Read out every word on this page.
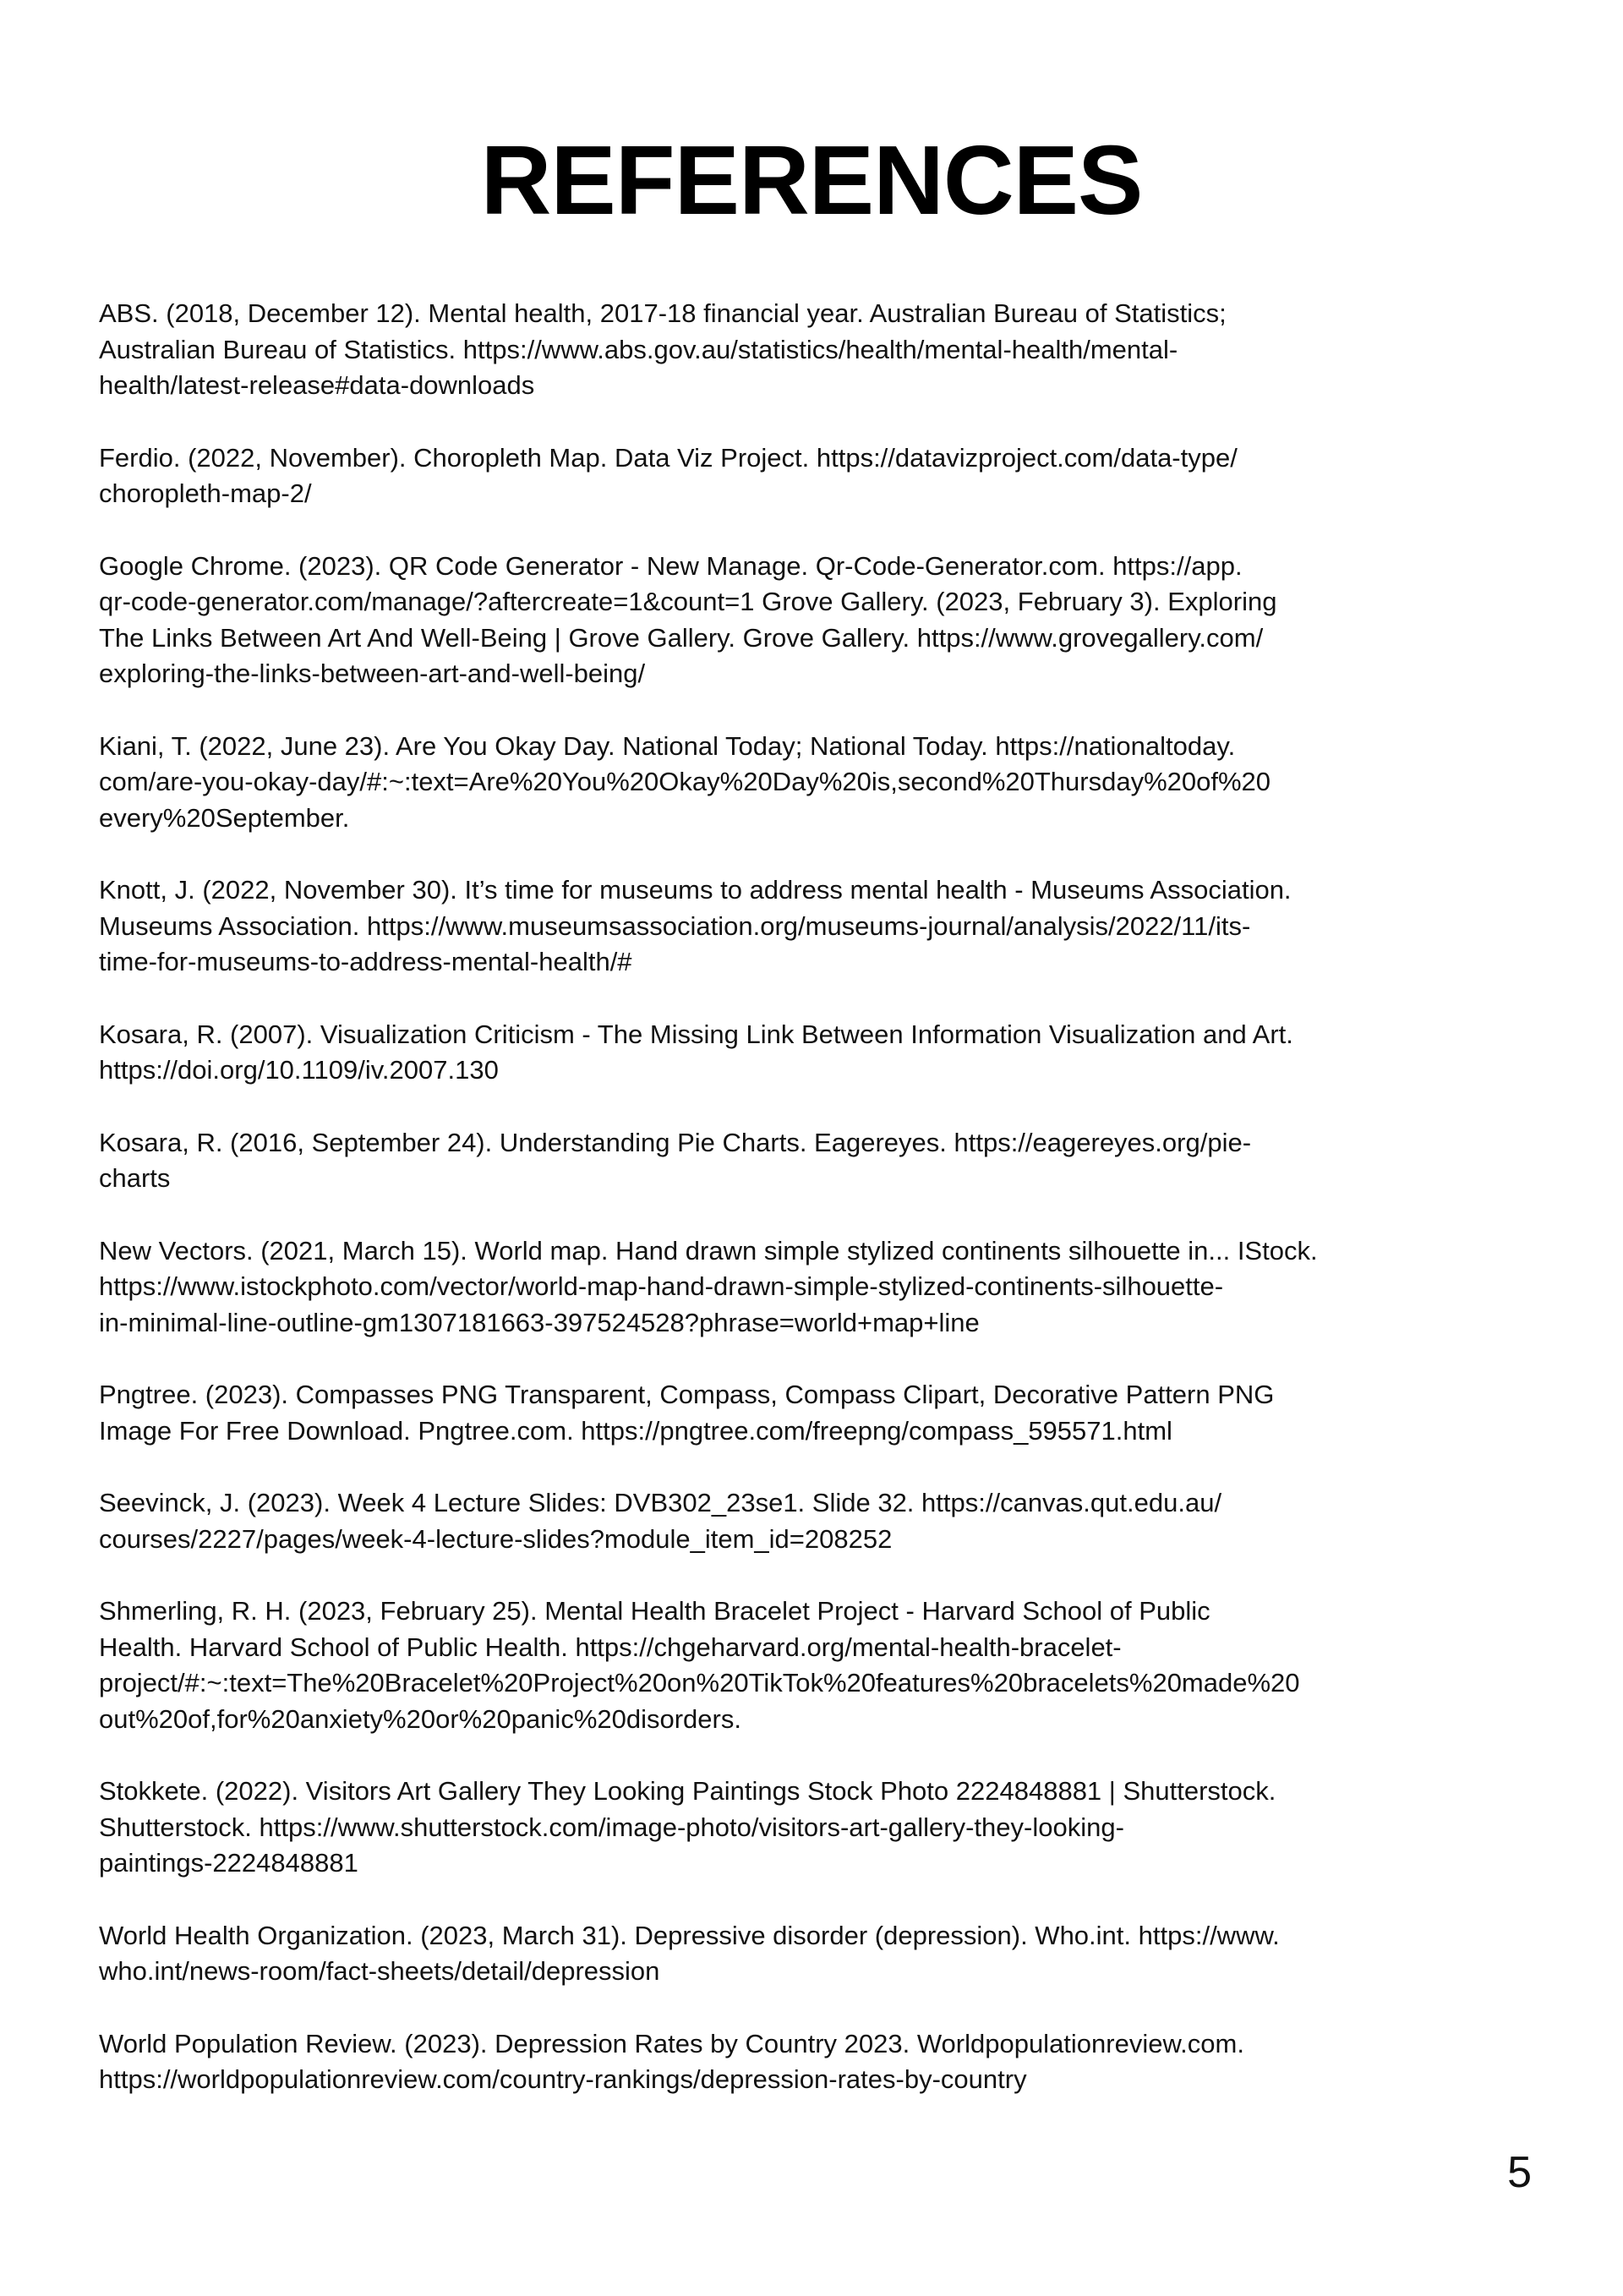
REFERENCES
ABS. (2018, December 12). Mental health, 2017-18 financial year. Australian Bureau of Statistics;
Australian Bureau of Statistics. https://www.abs.gov.au/statistics/health/mental-health/mental-
health/latest-release#data-downloads
Ferdio. (2022, November). Choropleth Map. Data Viz Project. https://datavizproject.com/data-type/
choropleth-map-2/
Google Chrome. (2023). QR Code Generator - New Manage. Qr-Code-Generator.com. https://app.
qr-code-generator.com/manage/?aftercreate=1&count=1 Grove Gallery. (2023, February 3). Exploring
The Links Between Art And Well-Being | Grove Gallery. Grove Gallery. https://www.grovegallery.com/
exploring-the-links-between-art-and-well-being/
Kiani, T. (2022, June 23). Are You Okay Day. National Today; National Today. https://nationaltoday.
com/are-you-okay-day/#:~:text=Are%20You%20Okay%20Day%20is,second%20Thursday%20of%20
every%20September.
Knott, J. (2022, November 30). It’s time for museums to address mental health - Museums Association.
Museums Association. https://www.museumsassociation.org/museums-journal/analysis/2022/11/its-
time-for-museums-to-address-mental-health/#
Kosara, R. (2007). Visualization Criticism - The Missing Link Between Information Visualization and Art.
https://doi.org/10.1109/iv.2007.130
Kosara, R. (2016, September 24). Understanding Pie Charts. Eagereyes. https://eagereyes.org/pie-
charts
New Vectors. (2021, March 15). World map. Hand drawn simple stylized continents silhouette in... IStock.
https://www.istockphoto.com/vector/world-map-hand-drawn-simple-stylized-continents-silhouette-
in-minimal-line-outline-gm1307181663-397524528?phrase=world+map+line
Pngtree. (2023). Compasses PNG Transparent, Compass, Compass Clipart, Decorative Pattern PNG
Image For Free Download. Pngtree.com. https://pngtree.com/freepng/compass_595571.html
Seevinck, J. (2023). Week 4 Lecture Slides: DVB302_23se1. Slide 32. https://canvas.qut.edu.au/
courses/2227/pages/week-4-lecture-slides?module_item_id=208252
Shmerling, R. H. (2023, February 25). Mental Health Bracelet Project - Harvard School of Public
Health. Harvard School of Public Health. https://chgeharvard.org/mental-health-bracelet-
project/#:~:text=The%20Bracelet%20Project%20on%20TikTok%20features%20bracelets%20made%20
out%20of,for%20anxiety%20or%20panic%20disorders.
Stokkete. (2022). Visitors Art Gallery They Looking Paintings Stock Photo 2224848881 | Shutterstock.
Shutterstock. https://www.shutterstock.com/image-photo/visitors-art-gallery-they-looking-
paintings-2224848881
World Health Organization. (2023, March 31). Depressive disorder (depression). Who.int. https://www.
who.int/news-room/fact-sheets/detail/depression
World Population Review. (2023). Depression Rates by Country 2023. Worldpopulationreview.com.
https://worldpopulationreview.com/country-rankings/depression-rates-by-country
5
